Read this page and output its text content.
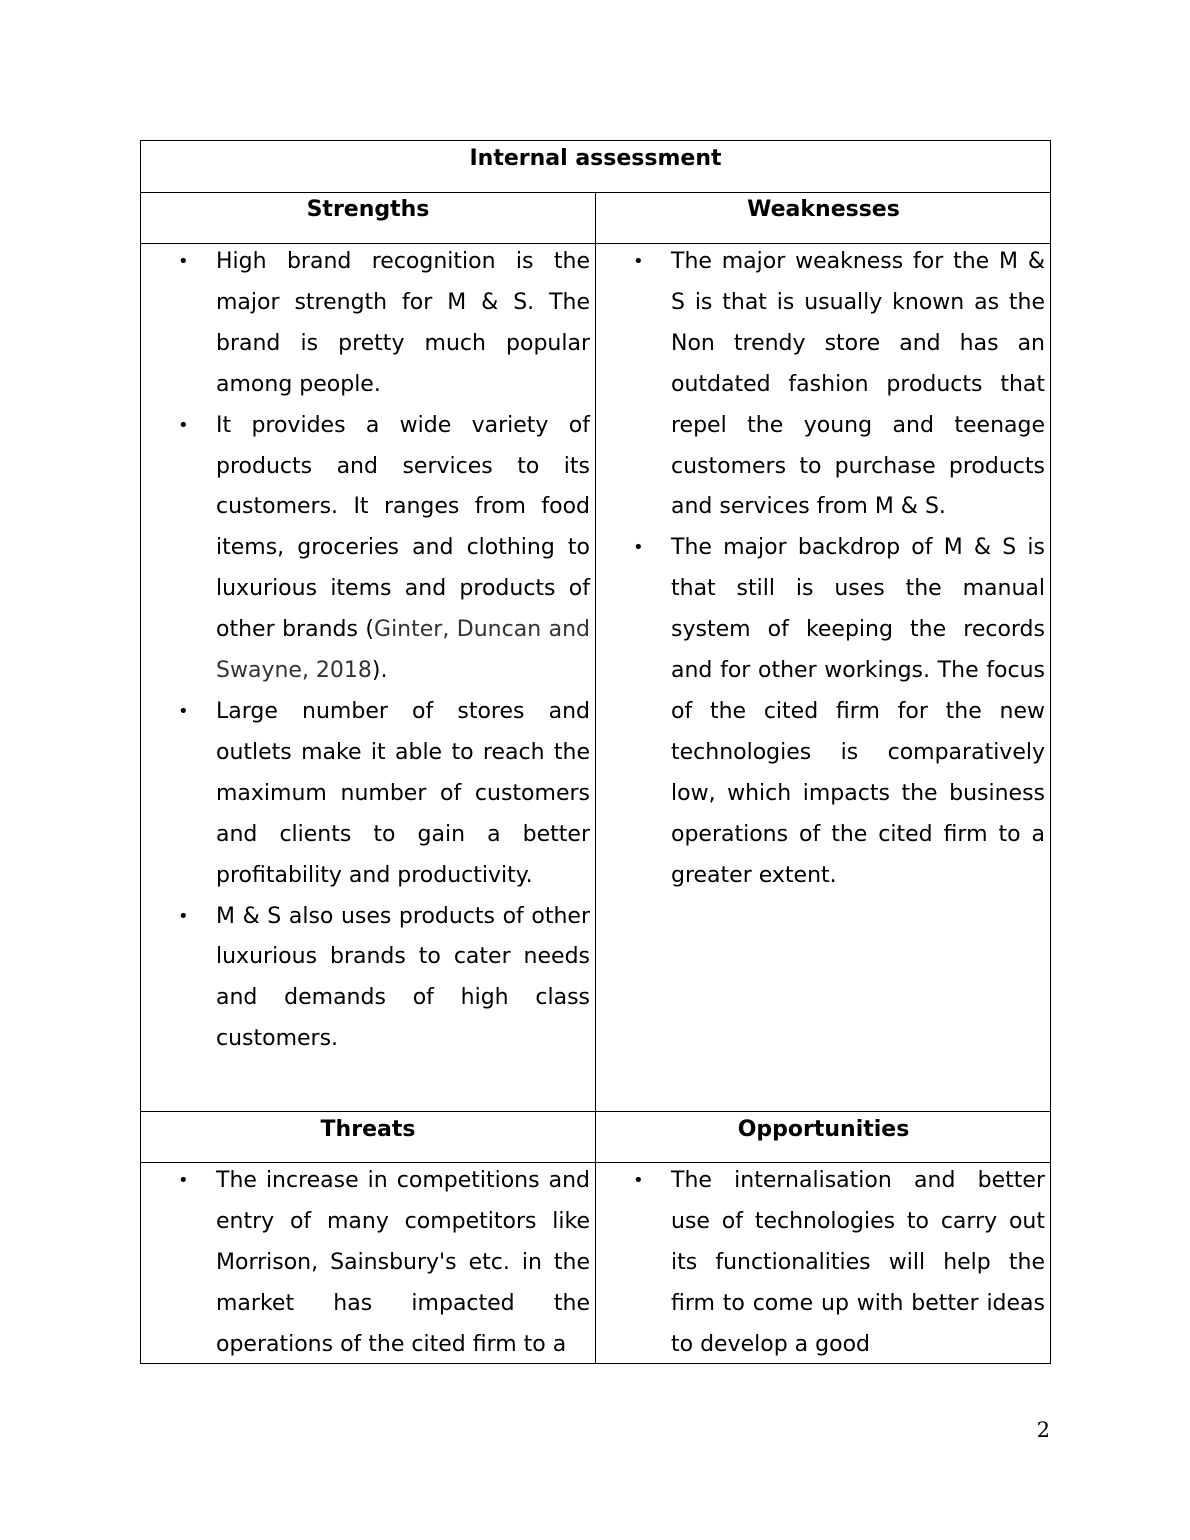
Internal assessment
Strengths	Weaknesses
• High brand recognition is the major strength for M & S. The brand is pretty much popular among people.
• It provides a wide variety of products and services to its customers. It ranges from food items, groceries and clothing to luxurious items and products of other brands (Ginter, Duncan and Swayne, 2018).
• Large number of stores and outlets make it able to reach the maximum number of customers and clients to gain a better profitability and productivity.
• M & S also uses products of other luxurious brands to cater needs and demands of high class customers.
• The major weakness for the M & S is that is usually known as the Non trendy store and has an outdated fashion products that repel the young and teenage customers to purchase products and services from M & S.
• The major backdrop of M & S is that still is uses the manual system of keeping the records and for other workings. The focus of the cited firm for the new technologies is comparatively low, which impacts the business operations of the cited firm to a greater extent.
Threats	Opportunities
• The increase in competitions and entry of many competitors like Morrison, Sainsbury's etc. in the market has impacted the operations of the cited firm to a
• The internalisation and better use of technologies to carry out its functionalities will help the firm to come up with better ideas to develop a good
2
